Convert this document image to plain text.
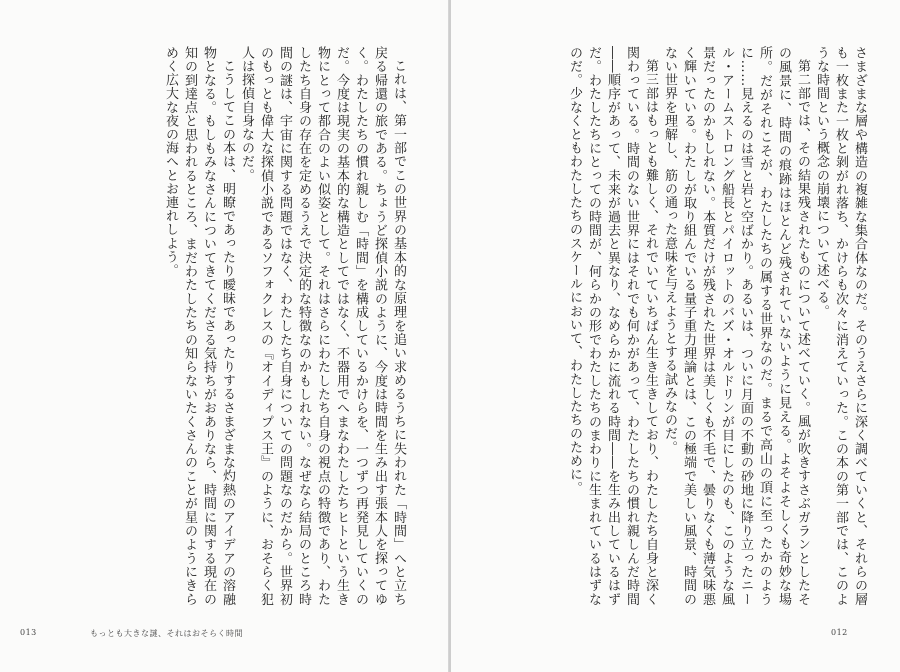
これは、第一部でこの世界の基本的な原理を追い求めるうちに失われた「時間」へと立ち戻る帰還の旅である。ちょうど探偵小説のように、今度は時間を生み出す張本人を探ってゆく。わたしたちの慣れ親しむ「時間」を構成しているかけらを、一つずつ再発見していくのだ。今度は現実の基本的な構造としてではなく、不器用でへまなわたしたちヒトという生き物にとって都合のよい似姿として。それはさらにわたしたち自身の視点の特徴であり、わたしたち自身の存在を定めるうえで決定的な特徴なのかもしれない。なぜなら結局のところ時間の謎は、宇宙に関する問題ではなく、わたしたち自身についての問題なのだから。世界初のもっとも偉大な探偵小説であるソフォクレスの『オイディプス王』のように、おそらく犯人は探偵自身なのだ。

こうしてこの本は、明瞭であったり曖昧であったりするさまざまな灼熱のアイデアの溶融物となる。もしもみなさんについてきてくださる気持ちがおありなら、時間に関する現在の知の到達点と思われるところ、まだわたしたちの知らないたくさんのことが星のようにきらめく広大な夜の海へとお連れしよう。

013	もっとも大きな謎、それはおそらく時間

さまざまな層や構造の複雑な集合体なのだ。そのうえさらに深く調べていくと、それらの層も一枚また一枚と剝がれ落ち、かけらも次々に消えていった。この本の第一部では、このような時間という概念の崩壊について述べる。

第二部では、その結果残されたものについて述べていく。風が吹きすさぶガランとしたその風景に、時間の痕跡はほとんど残されていないように見える。よそよそしくも奇妙な場所。だがそれこそが、わたしたちの属する世界なのだ。まるで高山の頂に至ったかのように……見えるのは雪と岩と空ばかり。あるいは、ついに月面の不動の砂地に降り立ったニール・アームストロング船長とパイロットのバズ・オルドリンが目にしたのも、このような風景だったのかもしれない。本質だけが残された世界は美しくも不毛で、曇りなくも薄気味悪く輝いている。わたしが取り組んでいる量子重力理論とは、この極端で美しい風景、時間のない世界を理解し、筋の通った意味を与えようとする試みなのだ。

第三部はもっとも難しく、それでいていちばん生き生きしており、わたしたち自身と深く関わっている。時間のない世界にはそれでも何かがあって、わたしたちの慣れ親しんだ時間――順序があって、未来が過去と異なり、なめらかに流れる時間――を生み出しているはずだ。わたしたちにとっての時間が、何らかの形でわたしたちのまわりに生まれているはずなのだ。少なくともわたしたちのスケールにおいて、わたしたちのために。

012
